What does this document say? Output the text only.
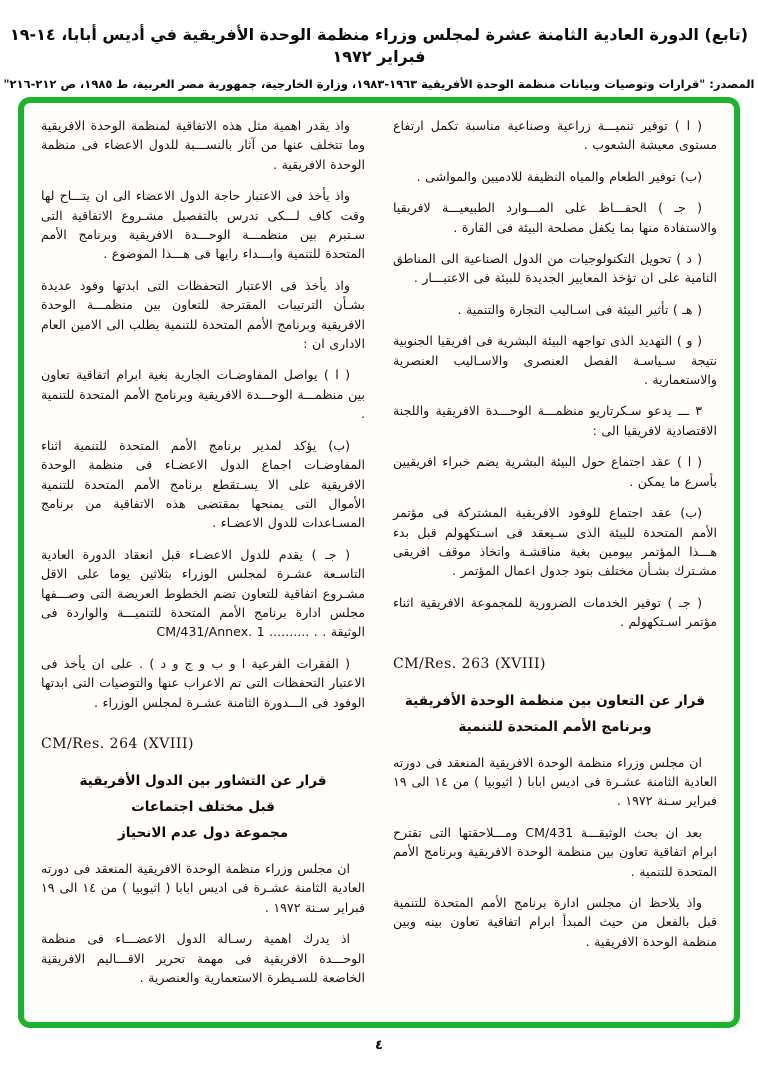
(تابع) الدورة العادية الثامنة عشرة لمجلس وزراء منظمة الوحدة الأفريقية في أديس أبابا، ١٤-١٩ فبراير ١٩٧٢
المصدر: "قرارات وتوصيات وبيانات منظمة الوحدة الأفريقية ١٩٦٣-١٩٨٣، وزارة الخارجية، جمهورية مصر العربية، ط ١٩٨٥، ص ٢١٢-٢١٦"

( ا ) توفير تنميـــة زراعية وصناعية مناسبة تكمل ارتفاع مستوى معيشة الشعوب .

(ب) توفير الطعام والمياه النظيفة للادميين والمواشى .

( جـ ) الحفـــاظ على المـــوارد الطبيعيـــة لافريقيا والاستفادة منها بما يكفل مصلحة البيئة فى القارة .

( د ) تحويل التكنولوجيات من الدول الصناعية الى المناطق النامية على ان تؤخذ المعايير الجديدة للبيئة فى الاعتبـــار .

( هـ ) تأثير البيئة فى اسـاليب التجارة والتنمية .

( و ) التهديد الذى تواجهه البيئة البشرية فى افريقيا الجنوبية نتيجة سـياسـة الفصل العنصرى والاسـاليب العنصرية والاستعمارية .

٣ ـــ يدعو سـكرتاريو منظمـــة الوحـــدة الافريقية واللجنة الاقتصادية لافريقيا الى :

( ا ) عقد اجتماع حول البيئة البشرية يضم خبراء افريقيين بأسرع ما يمكن .

(ب) عقد اجتماع للوفود الافريقية المشتركة فى مؤتمر الأمم المتحدة للبيئة الذى سـيعقد فى اسـتكهولم قبل بدء هـــذا المؤتمر بيومين بغية مناقشـة واتخاذ موقف افريقى مشـترك بشـأن مختلف بنود جدول اعمال المؤتمر .

( جـ ) توفير الخدمات الضرورية للمجموعة الافريقية اثناء مؤتمر اسـتكهولم .

CM/Res. 263 (XVIII)

قرار عن التعاون بين منظمة الوحدة الأفريقية
وبرنامج الأمم المتحدة للتنمية

ان مجلس وزراء منظمة الوحدة الافريقية المنعقد فى دورته العادية الثامنة عشـرة فى اديس ابابا ( اثيوبيا ) من ١٤ الى ١٩ فبراير سـنة ١٩٧٢ .

بعد ان بحث الوثيقـــة CM/431 ومـــلاحقتها التى تقترح ابرام اتفاقية تعاون بين منظمة الوحدة الافريقية وبرنامج الأمم المتحدة للتنمية .

واذ يلاحظ ان مجلس ادارة برنامج الأمم المتحدة للتنمية قبل بالفعل من حيث المبدأ ابرام اتفاقية تعاون بينه وبين منظمة الوحدة الافريقية .

واذ يقدر اهمية مثل هذه الاتفاقية لمنظمة الوحدة الافريقية وما تتخلف عنها من آثار بالنســـبة للدول الاعضاء فى منظمة الوحدة الافريقية .

واذ يأخذ فى الاعتبار حاجة الدول الاعضاء الى ان يتـــاح لها وقت كاف لـــكى تدرس بالتفصيل مشـروع الاتفاقية التى سـتبرم بين منظمـــة الوحـــدة الافريقية وبرنامج الأمم المتحدة للتنمية وابـــداء رايها فى هـــذا الموضوع .

واذ يأخذ فى الاعتبار التحفظات التى ابدتها وفود عديدة بشـأن الترتيبات المقترحة للتعاون بين منظمـــة الوحدة الافريقية وبرنامج الأمم المتحدة للتنمية يطلب الى الامين العام الادارى ان :

( ا ) يواصل المفاوضـات الجارية بغية ابرام اتفاقية تعاون بين منظمـــة الوحـــدة الافريقية وبرنامج الأمم المتحدة للتنمية .

(ب) يؤكد لمدير برنامج الأمم المتحدة للتنمية اثناء المفاوضـات اجماع الدول الاعضـاء فى منظمة الوحدة الافريقية على الا يسـتقطع برنامج الأمم المتحدة للتنمية الأموال التى يمنحها بمقتضى هذه الاتفاقية من برنامج المسـاعدات للدول الاعضـاء .

( جـ ) يقدم للدول الاعضـاء قبل انعقاد الدورة العادية التاسـعة عشـرة لمجلس الوزراء بثلاثين يوما على الاقل مشـروع اتفاقية للتعاون تضم الخطوط العريضة التى وصـــفها مجلس ادارة برنامج الأمم المتحدة للتنميـــة والواردة فى الوثيقة . . .......... CM/431/Annex. 1

( الفقرات الفرعية ا و ب و ج و د ) . على ان يأخذ فى الاعتبار التحفظات التى تم الاعراب عنها والتوصيات التى ابدتها الوفود فى الـــدورة الثامنة عشـرة لمجلس الوزراء .

CM/Res. 264 (XVIII)

قرار عن التشاور بين الدول الأفريقية
قبل مختلف اجتماعات
مجموعة دول عدم الانحياز

ان مجلس وزراء منظمة الوحدة الافريقية المنعقد فى دورته العادية الثامنة عشـرة فى اديس ابابا ( اثيوبيا ) من ١٤ الى ١٩ فبراير سـنة ١٩٧٢ .

اذ يدرك اهمية رسـالة الدول الاعضـــاء فى منظمة الوحـــدة الافريقية فى مهمة تحرير الاقـــاليم الافريقية الخاضعة للسـيطرة الاستعمارية والعنصرية .

٤
